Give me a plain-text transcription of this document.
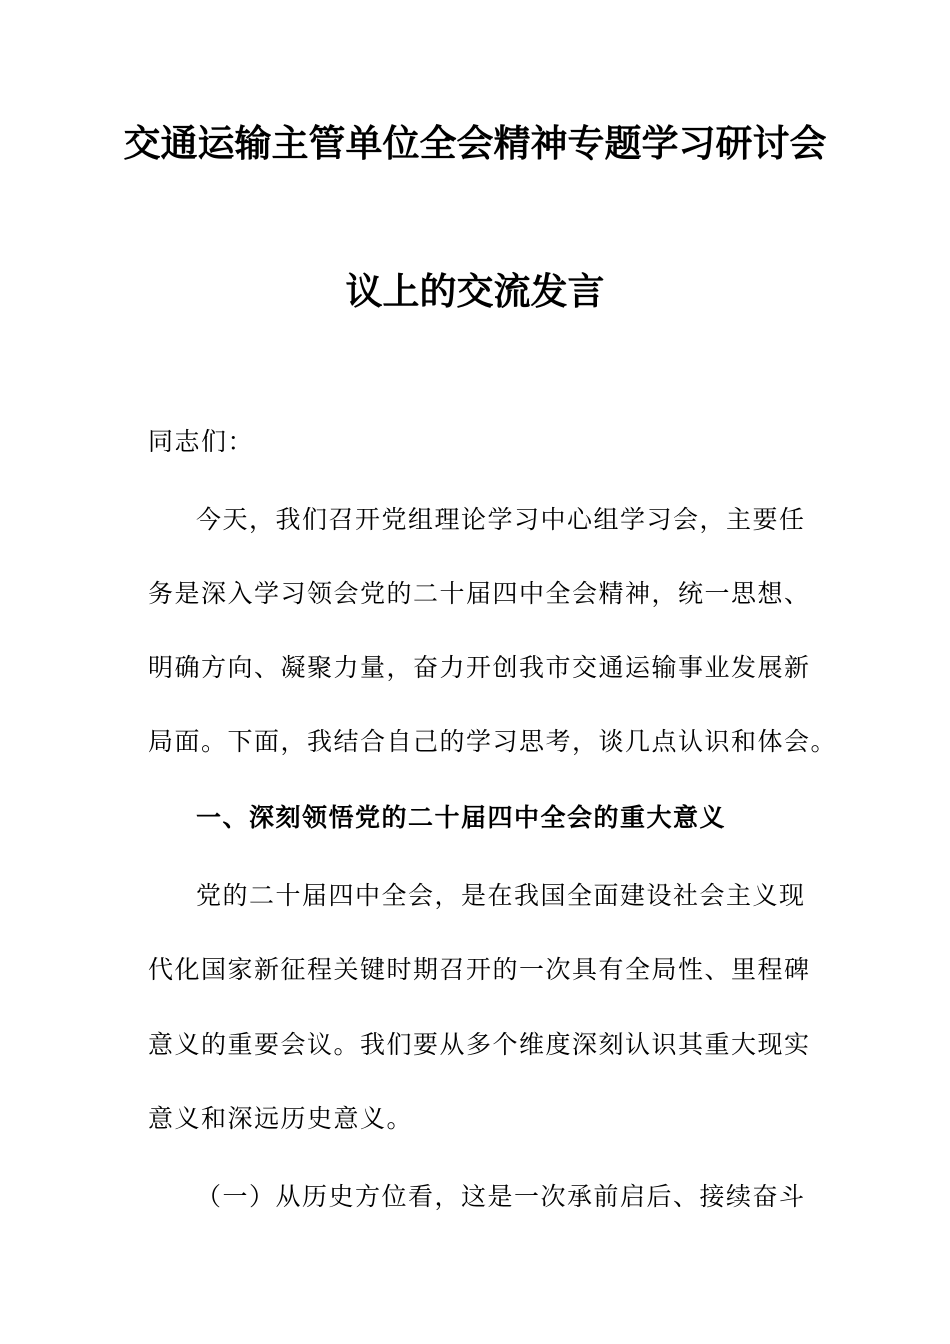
交通运输主管单位全会精神专题学习研讨会
议上的交流发言
同志们：
今天，我们召开党组理论学习中心组学习会，主要任
务是深入学习领会党的二十届四中全会精神，统一思想、
明确方向、凝聚力量，奋力开创我市交通运输事业发展新
局面。下面，我结合自己的学习思考，谈几点认识和体会。
一、深刻领悟党的二十届四中全会的重大意义
党的二十届四中全会，是在我国全面建设社会主义现
代化国家新征程关键时期召开的一次具有全局性、里程碑
意义的重要会议。我们要从多个维度深刻认识其重大现实
意义和深远历史意义。
（一）从历史方位看，这是一次承前启后、接续奋斗
